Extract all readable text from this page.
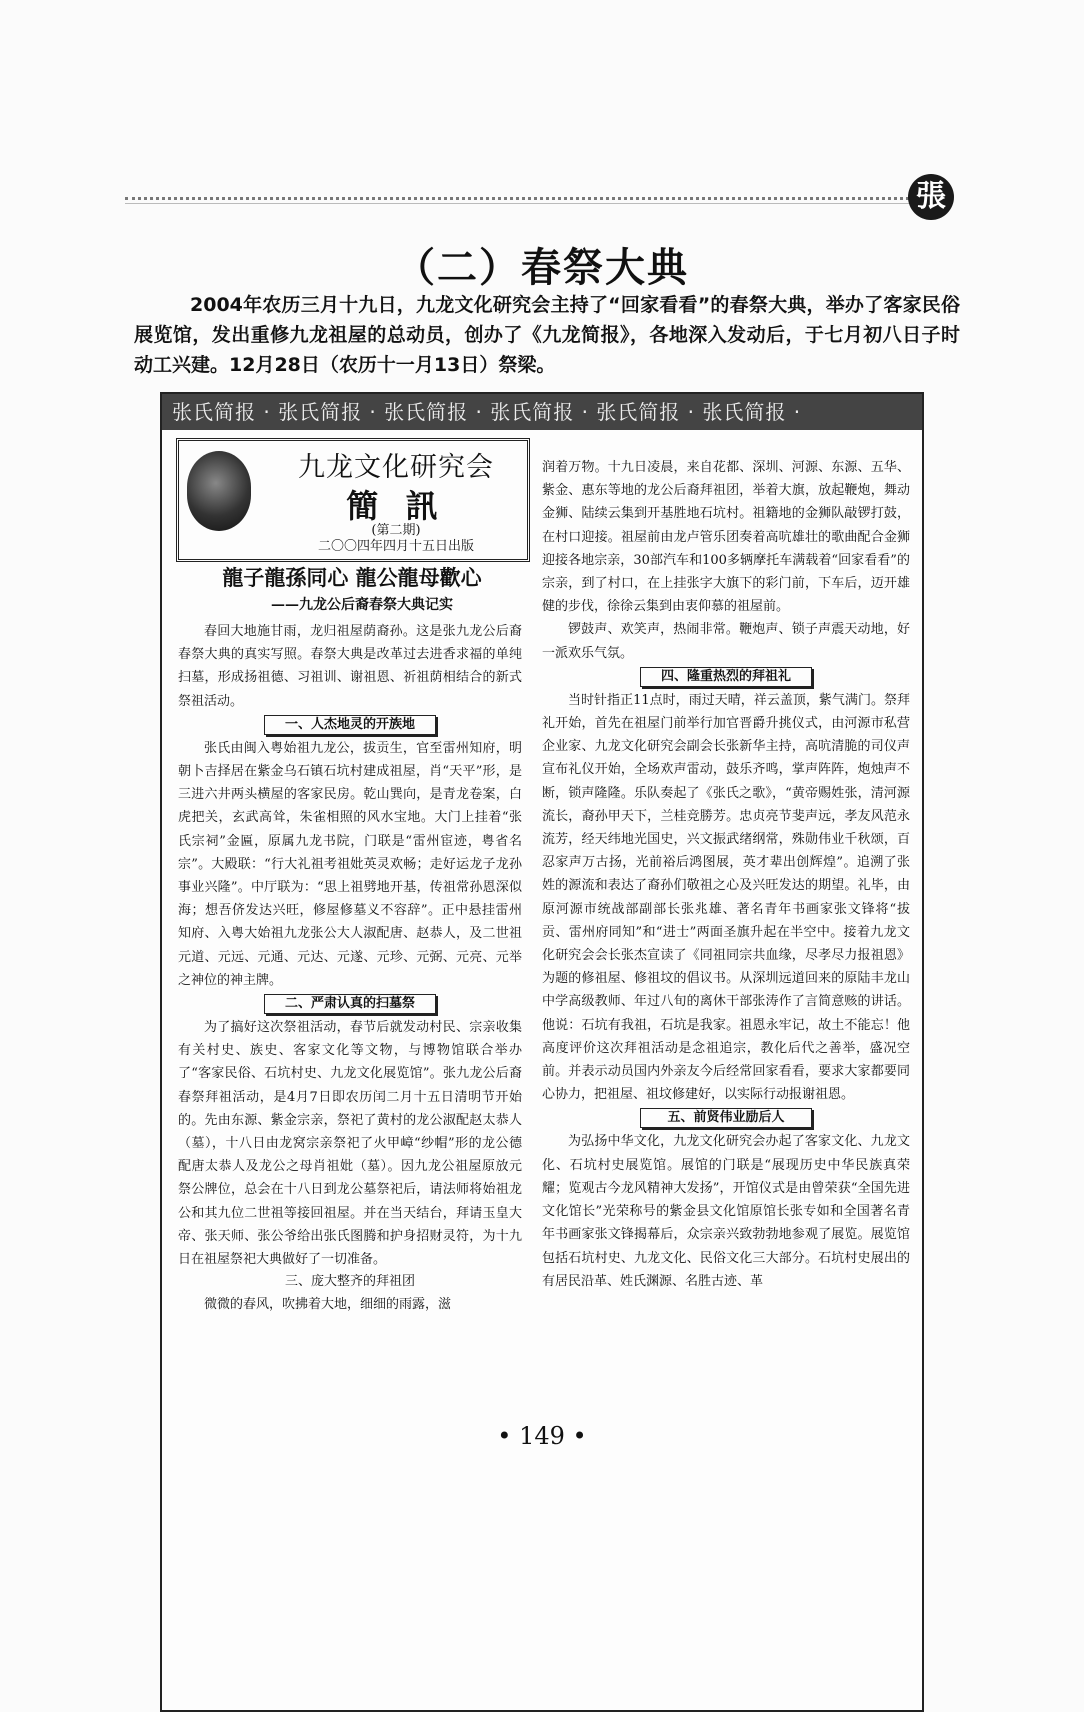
張
（二）春祭大典
2004年农历三月十九日，九龙文化研究会主持了“回家看看”的春祭大典，举办了客家民俗展览馆，发出重修九龙祖屋的总动员，创办了《九龙简报》，各地深入发动后，于七月初八日子时动工兴建。12月28日（农历十一月13日）祭梁。
张氏简报 · 张氏简报 · 张氏简报 · 张氏简报 · 张氏简报 · 张氏简报 ·
九龙文化研究会
簡 訊
(第二期)
二〇〇四年四月十五日出版
龍子龍孫同心 龍公龍母歡心
——九龙公后裔春祭大典记实

春回大地施甘雨，龙归祖屋荫裔孙。这是张九龙公后裔春祭大典的真实写照。春祭大典是改革过去进香求福的单纯扫墓，形成扬祖德、习祖训、谢祖恩、祈祖荫相结合的新式祭祖活动。

一、人杰地灵的开族地

张氏由闽入粤始祖九龙公，拔贡生，官至雷州知府，明朝卜吉择居在紫金乌石镇石坑村建成祖屋，肖“天平”形，是三进六井两头横屋的客家民房。乾山巽向，是青龙卷案，白虎把关，玄武高耸，朱雀相照的风水宝地。大门上挂着“张氏宗祠”金匾，原属九龙书院，门联是“雷州宦迹，粤省名宗”。大殿联：“行大礼祖考祖妣英灵欢畅；走好运龙子龙孙事业兴隆”。中厅联为：“思上祖劈地开基，传祖常孙恩深似海；想吾侪发达兴旺，修屋修墓义不容辞”。正中悬挂雷州知府、入粤大始祖九龙张公大人淑配唐、赵恭人，及二世祖元道、元远、元通、元达、元遂、元珍、元弼、元亮、元举之神位的神主牌。

二、严肃认真的扫墓祭

为了搞好这次祭祖活动，春节后就发动村民、宗亲收集有关村史、族史、客家文化等文物，与博物馆联合举办了“客家民俗、石坑村史、九龙文化展览馆”。张九龙公后裔春祭拜祖活动，是4月7日即农历闰二月十五日清明节开始的。先由东源、紫金宗亲，祭祀了黄村的龙公淑配赵太恭人（墓），十八日由龙窝宗亲祭祀了火甲嶂“纱帽”形的龙公德配唐太恭人及龙公之母肖祖妣（墓）。因九龙公祖屋原放元祭公牌位，总会在十八日到龙公墓祭祀后，请法师将始祖龙公和其九位二世祖等接回祖屋。并在当天结台，拜请玉皇大帝、张天师、张公爷给出张氏图腾和护身招财灵符，为十九日在祖屋祭祀大典做好了一切准备。

三、庞大整齐的拜祖团

微微的春风，吹拂着大地，细细的雨露，滋

润着万物。十九日凌晨，来自花都、深圳、河源、东源、五华、紫金、惠东等地的龙公后裔拜祖团，举着大旗，放起鞭炮，舞动金狮、陆续云集到开基胜地石坑村。祖籍地的金狮队敲锣打鼓，在村口迎接。祖屋前由龙卢管乐团奏着高吭雄壮的歌曲配合金狮迎接各地宗亲，30部汽车和100多辆摩托车满载着“回家看看”的宗亲，到了村口，在上挂张字大旗下的彩门前，下车后，迈开雄健的步伐，徐徐云集到由衷仰慕的祖屋前。

锣鼓声、欢笑声，热闹非常。鞭炮声、锁子声震天动地，好一派欢乐气氛。

四、隆重热烈的拜祖礼

当时针指正11点时，雨过天晴，祥云盖顶，紫气满门。祭拜礼开始，首先在祖屋门前举行加官晋爵升挑仪式，由河源市私营企业家、九龙文化研究会副会长张新华主持，高吭清脆的司仪声宣布礼仪开始，全场欢声雷动，鼓乐齐鸣，掌声阵阵，炮烛声不断，锁声隆隆。乐队奏起了《张氏之歌》，“黄帝赐姓张，清河源流长，裔孙甲天下，兰桂竞勝芳。忠贞亮节斐声远，孝友风范永流芳，经天纬地光国史，兴文振武绪纲常，殊勋伟业千秋颂，百忍家声万古扬，光前裕后鸿图展，英才辈出创辉煌”。追溯了张姓的源流和表达了裔孙们敬祖之心及兴旺发达的期望。礼毕，由原河源市统战部副部长张兆雄、著名青年书画家张文锋将“拔贡、雷州府同知”和“进士”两面圣旗升起在半空中。接着九龙文化研究会会长张杰宣读了《同祖同宗共血缘，尽孝尽力报祖恩》为题的修祖屋、修祖坟的倡议书。从深圳远道回来的原陆丰龙山中学高级教师、年过八旬的离休干部张涛作了言简意赅的讲话。他说：石坑有我祖，石坑是我家。祖恩永牢记，故土不能忘！他高度评价这次拜祖活动是念祖追宗，教化后代之善举，盛况空前。并表示动员国内外亲友今后经常回家看看，要求大家都要同心协力，把祖屋、祖坟修建好，以实际行动报谢祖恩。

五、前贤伟业励后人

为弘扬中华文化，九龙文化研究会办起了客家文化、九龙文化、石坑村史展览馆。展馆的门联是“展现历史中华民族真荣耀；览观古今龙风精神大发扬”，开馆仪式是由曾荣获“全国先进文化馆长”光荣称号的紫金县文化馆原馆长张专如和全国著名青年书画家张文锋揭幕后，众宗亲兴致勃勃地参观了展览。展览馆包括石坑村史、九龙文化、民俗文化三大部分。石坑村史展出的有居民沿革、姓氏渊源、名胜古迹、革

• 149 •
